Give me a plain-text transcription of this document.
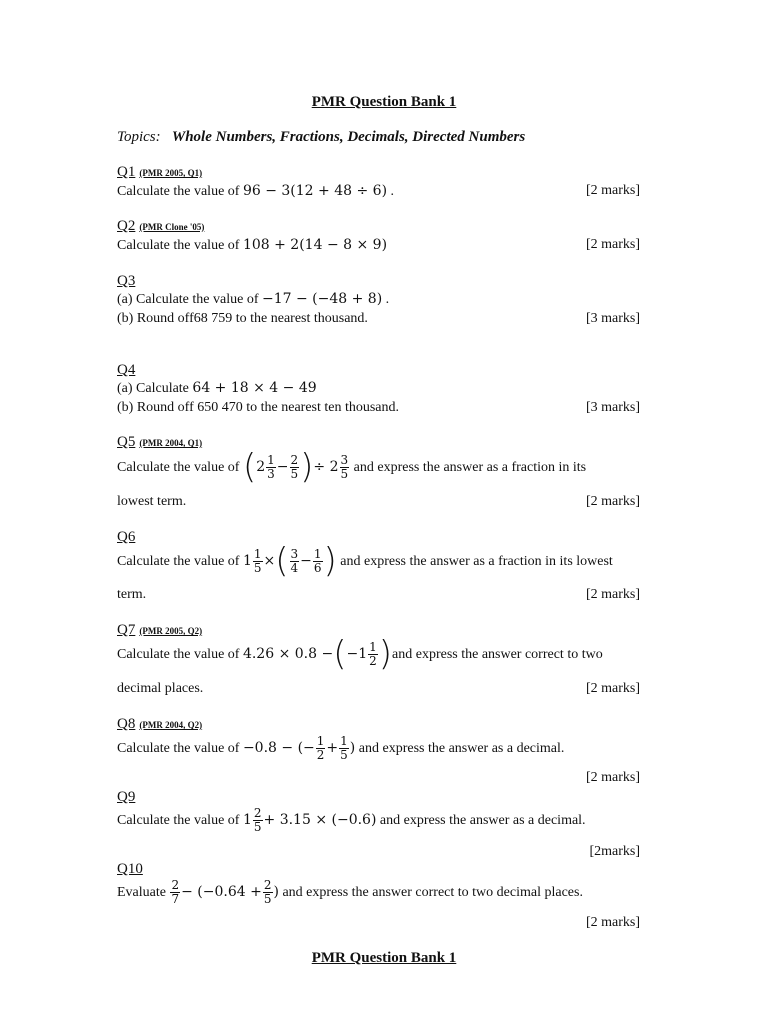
PMR Question Bank 1
Topics: Whole Numbers, Fractions, Decimals, Directed Numbers
Q1 (PMR 2005, Q1)
Calculate the value of 96 − 3(12 + 48 ÷ 6) .	[2 marks]
Q2 (PMR Clone '05)
Calculate the value of 108 + 2(14 − 8 × 9)	[2 marks]
Q3
(a) Calculate the value of −17 − (−48 + 8) .
(b) Round off68 759 to the nearest thousand.	[3 marks]
Q4
(a) Calculate 64 + 18 × 4 − 49
(b) Round off 650 470 to the nearest ten thousand.	[3 marks]
Q5 (PMR 2004, Q1)
Calculate the value of ($2 \frac{1}{3} - \frac{2}{5}$ )÷ $2 \frac{3}{5}$ and express the answer as a fraction in its
lowest term.	[2 marks]
Q6
Calculate the value of $1 \frac{1}{5}$ ×( $\frac{3}{4} - \frac{1}{6}$ ) and express the answer as a fraction in its lowest
term.	[2 marks]
Q7 (PMR 2005, Q2)
Calculate the value of $4.26 \times 0.8 -(-1 \frac{1}{2} )and$ express the answer correct to two
decimal places.	[2 marks]
Q8 (PMR 2004, Q2)
Calculate the value of −0.8 − (− $\frac{1}{2} + \frac{1}{5}$ ) and express the answer as a decimal.
[2 marks]
Q9
Calculate the value of $1 \frac{2}{5} + 3.15 \times (-0.6)$ and express the answer as a decimal.
[2marks]
Q10
Evaluate $\frac{2}{7} - (-0.64 + \frac{2}{5}$ ) and express the answer correct to two decimal places.
[2 marks]
PMR Question Bank 1
